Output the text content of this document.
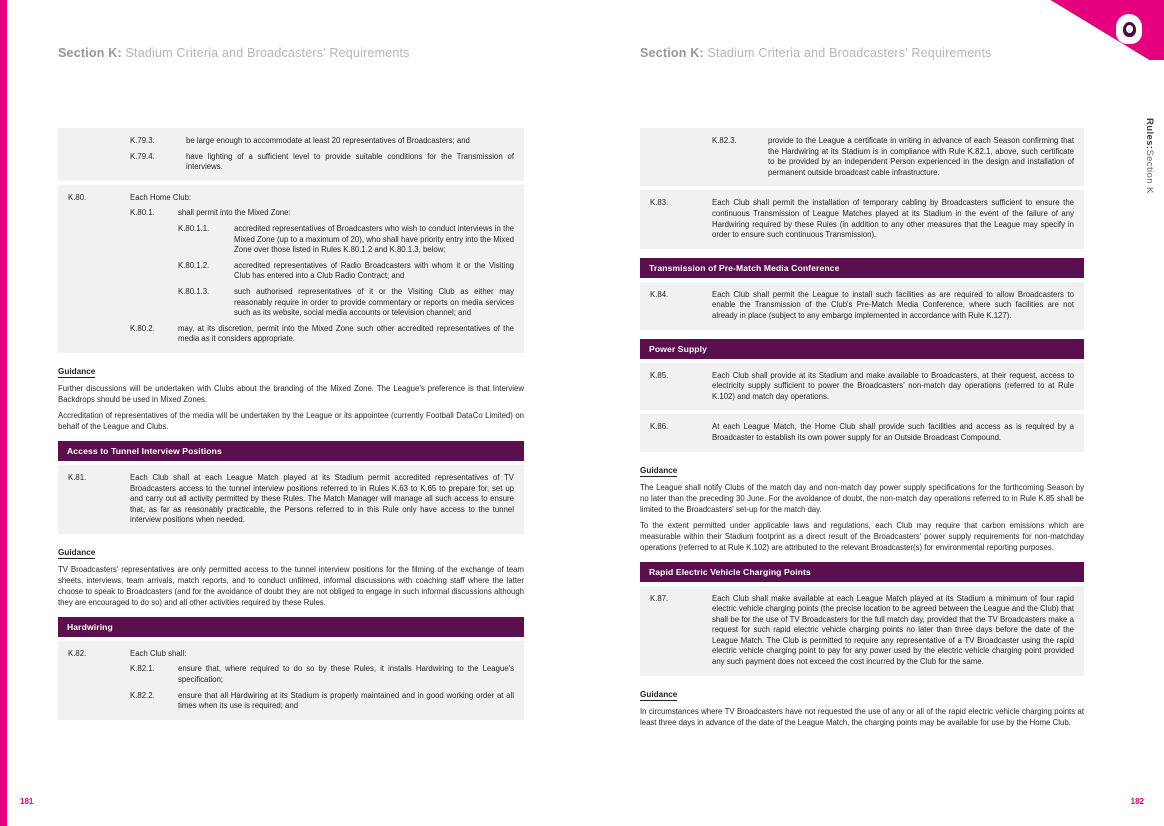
Section K: Stadium Criteria and Broadcasters' Requirements
K.79.3.	be large enough to accommodate at least 20 representatives of Broadcasters; and
K.79.4.	have lighting of a sufficient level to provide suitable conditions for the Transmission of interviews.
K.80.	Each Home Club:
K.80.1.	shall permit into the Mixed Zone:
K.80.1.1.	accredited representatives of Broadcasters who wish to conduct interviews in the Mixed Zone (up to a maximum of 20), who shall have priority entry into the Mixed Zone over those listed in Rules K.80.1.2 and K.80.1.3, below;
K.80.1.2.	accredited representatives of Radio Broadcasters with whom it or the Visiting Club has entered into a Club Radio Contract; and
K.80.1.3.	such authorised representatives of it or the Visiting Club as either may reasonably require in order to provide commentary or reports on media services such as its website, social media accounts or television channel; and
K.80.2.	may, at its discretion, permit into the Mixed Zone such other accredited representatives of the media as it considers appropriate.
Guidance
Further discussions will be undertaken with Clubs about the branding of the Mixed Zone. The League's preference is that Interview Backdrops should be used in Mixed Zones.
Accreditation of representatives of the media will be undertaken by the League or its appointee (currently Football DataCo Limited) on behalf of the League and Clubs.
Access to Tunnel Interview Positions
K.81.	Each Club shall at each League Match played at its Stadium permit accredited representatives of TV Broadcasters access to the tunnel interview positions referred to in Rules K.63 to K.65 to prepare for, set up and carry out all activity permitted by these Rules. The Match Manager will manage all such access to ensure that, as far as reasonably practicable, the Persons referred to in this Rule only have access to the tunnel interview positions when needed.
Guidance
TV Broadcasters' representatives are only permitted access to the tunnel interview positions for the filming of the exchange of team sheets, interviews, team arrivals, match reports, and to conduct unfilmed, informal discussions with coaching staff where the latter choose to speak to Broadcasters (and for the avoidance of doubt they are not obliged to engage in such informal discussions although they are encouraged to do so) and all other activities required by these Rules.
Hardwiring
K.82.	Each Club shall:
K.82.1.	ensure that, where required to do so by these Rules, it installs Hardwiring to the League's specification;
K.82.2.	ensure that all Hardwiring at its Stadium is properly maintained and in good working order at all times when its use is required; and
181
Section K: Stadium Criteria and Broadcasters' Requirements
Rules:Section K
K.82.3.	provide to the League a certificate in writing in advance of each Season confirming that the Hardwiring at its Stadium is in compliance with Rule K.82.1, above, such certificate to be provided by an independent Person experienced in the design and installation of permanent outside broadcast cable infrastructure.
K.83.	Each Club shall permit the installation of temporary cabling by Broadcasters sufficient to ensure the continuous Transmission of League Matches played at its Stadium in the event of the failure of any Hardwiring required by these Rules (in addition to any other measures that the League may specify in order to ensure such continuous Transmission).
Transmission of Pre-Match Media Conference
K.84.	Each Club shall permit the League to install such facilities as are required to allow Broadcasters to enable the Transmission of the Club's Pre-Match Media Conference, where such facilities are not already in place (subject to any embargo implemented in accordance with Rule K.127).
Power Supply
K.85.	Each Club shall provide at its Stadium and make available to Broadcasters, at their request, access to electricity supply sufficient to power the Broadcasters' non-match day operations (referred to at Rule K.102) and match day operations.
K.86.	At each League Match, the Home Club shall provide such facilities and access as is required by a Broadcaster to establish its own power supply for an Outside Broadcast Compound.
Guidance
The League shall notify Clubs of the match day and non-match day power supply specifications for the forthcoming Season by no later than the preceding 30 June. For the avoidance of doubt, the non-match day operations referred to in Rule K.85 shall be limited to the Broadcasters' set-up for the match day.
To the extent permitted under applicable laws and regulations, each Club may require that carbon emissions which are measurable within their Stadium footprint as a direct result of the Broadcasters' power supply requirements for non-matchday operations (referred to at Rule K.102) are attributed to the relevant Broadcaster(s) for environmental reporting purposes.
Rapid Electric Vehicle Charging Points
K.87.	Each Club shall make available at each League Match played at its Stadium a minimum of four rapid electric vehicle charging points (the precise location to be agreed between the League and the Club) that shall be for the use of TV Broadcasters for the full match day, provided that the TV Broadcasters make a request for such rapid electric vehicle charging points no later than three days before the date of the League Match. The Club is permitted to require any representative of a TV Broadcaster using the rapid electric vehicle charging point to pay for any power used by the electric vehicle charging point provided any such payment does not exceed the cost incurred by the Club for the same.
Guidance
In circumstances where TV Broadcasters have not requested the use of any or all of the rapid electric vehicle charging points at least three days in advance of the date of the League Match, the charging points may be available for use by the Home Club.
182
